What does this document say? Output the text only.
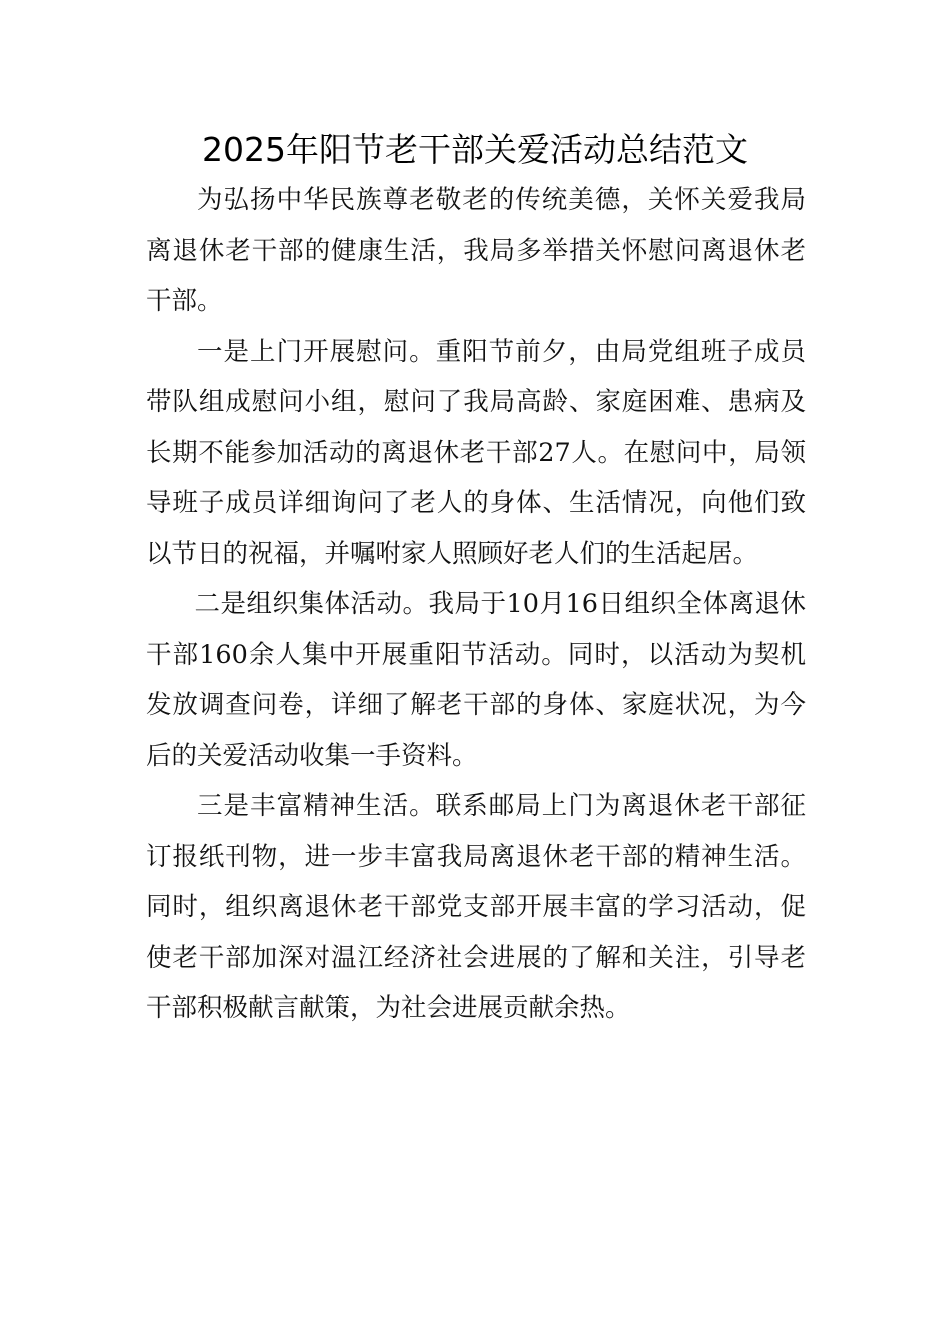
2025年阳节老干部关爱活动总结范文

为弘扬中华民族尊老敬老的传统美德，关怀关爱我局离退休老干部的健康生活，我局多举措关怀慰问离退休老干部。

一是上门开展慰问。重阳节前夕，由局党组班子成员带队组成慰问小组，慰问了我局高龄、家庭困难、患病及长期不能参加活动的离退休老干部27人。在慰问中，局领导班子成员详细询问了老人的身体、生活情况，向他们致以节日的祝福，并嘱咐家人照顾好老人们的生活起居。

二是组织集体活动。我局于10月16日组织全体离退休干部160余人集中开展重阳节活动。同时，以活动为契机发放调查问卷，详细了解老干部的身体、家庭状况，为今后的关爱活动收集一手资料。

三是丰富精神生活。联系邮局上门为离退休老干部征订报纸刊物，进一步丰富我局离退休老干部的精神生活。同时，组织离退休老干部党支部开展丰富的学习活动，促使老干部加深对温江经济社会进展的了解和关注，引导老干部积极献言献策，为社会进展贡献余热。
